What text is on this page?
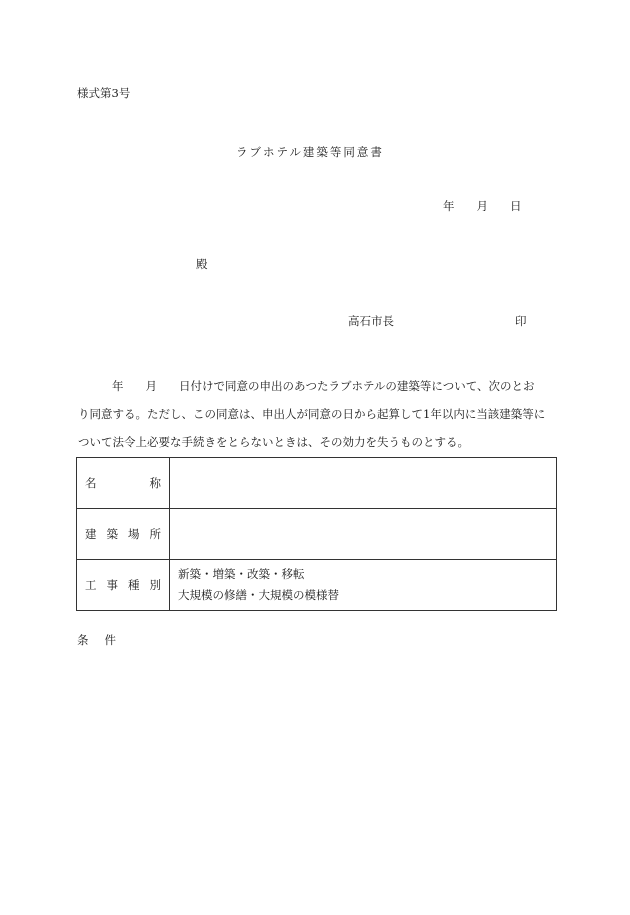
様式第3号
ラブホテル建築等同意書
年 月 日
殿
高石市長	印
年 月 日付けで同意の申出のあつたラブホテルの建築等について、次のとお
り同意する。ただし、この同意は、申出人が同意の日から起算して1年以内に当該建築等に
ついて法令上必要な手続きをとらないときは、その効力を失うものとする。
名 称	

建 築 場 所	

工 事 種 別	新築・増築・改築・移転
大規模の修繕・大規模の模様替
条 件
